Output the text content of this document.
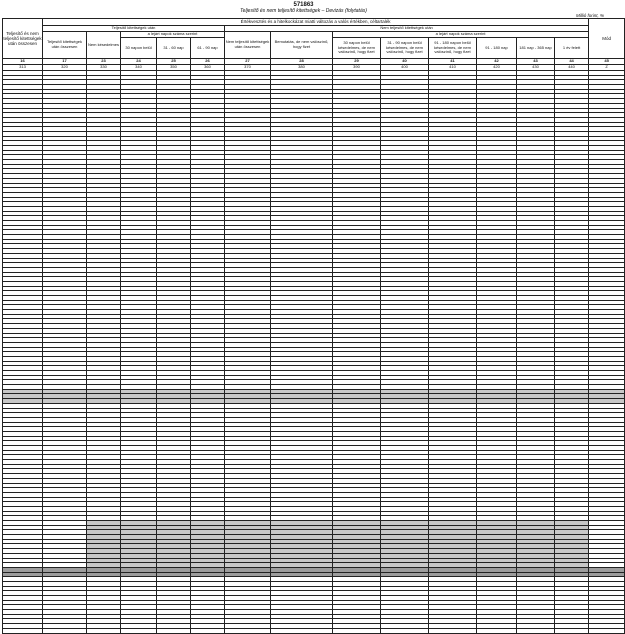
571863
Teljesítő és nem teljesítő kitettségek – Devizás (folytatás)
Millió forint, %
Teljesítő és nem teljesítő kitettségek után összesen	Értékvesztés és a hitelkockázat miatti változás a valós értékben, céltartalék													Mód
	Teljesítő kitettségek után					Nem teljesítő kitettségek után								
	Teljesítő kitettségek után összesen	Nem késedelmes	a lejárt napok száma szerint			Nem teljesítő kitettségek után összesen	Bemutatás, de nem valószínű, hogy fizet	a lejárt napok száma szerint						
			30 napon belül	31 - 60 nap	61 - 90 nap			30 napon belül késedelmes, de nem valószínű, hogy fizet	31 - 90 napon belül késedelmes, de nem valószínű, hogy fizet	91 - 180 napon belül késedelmes, de nem valószínű, hogy fizet	91 - 180 nap	181 nap - 365 nap	1 év felett	
16	17	23	24	25	26	27	28	29	40	41	42	43	44	45
313	320	330	340	350	360	370	380	390	400	410	420	430	440	Z
